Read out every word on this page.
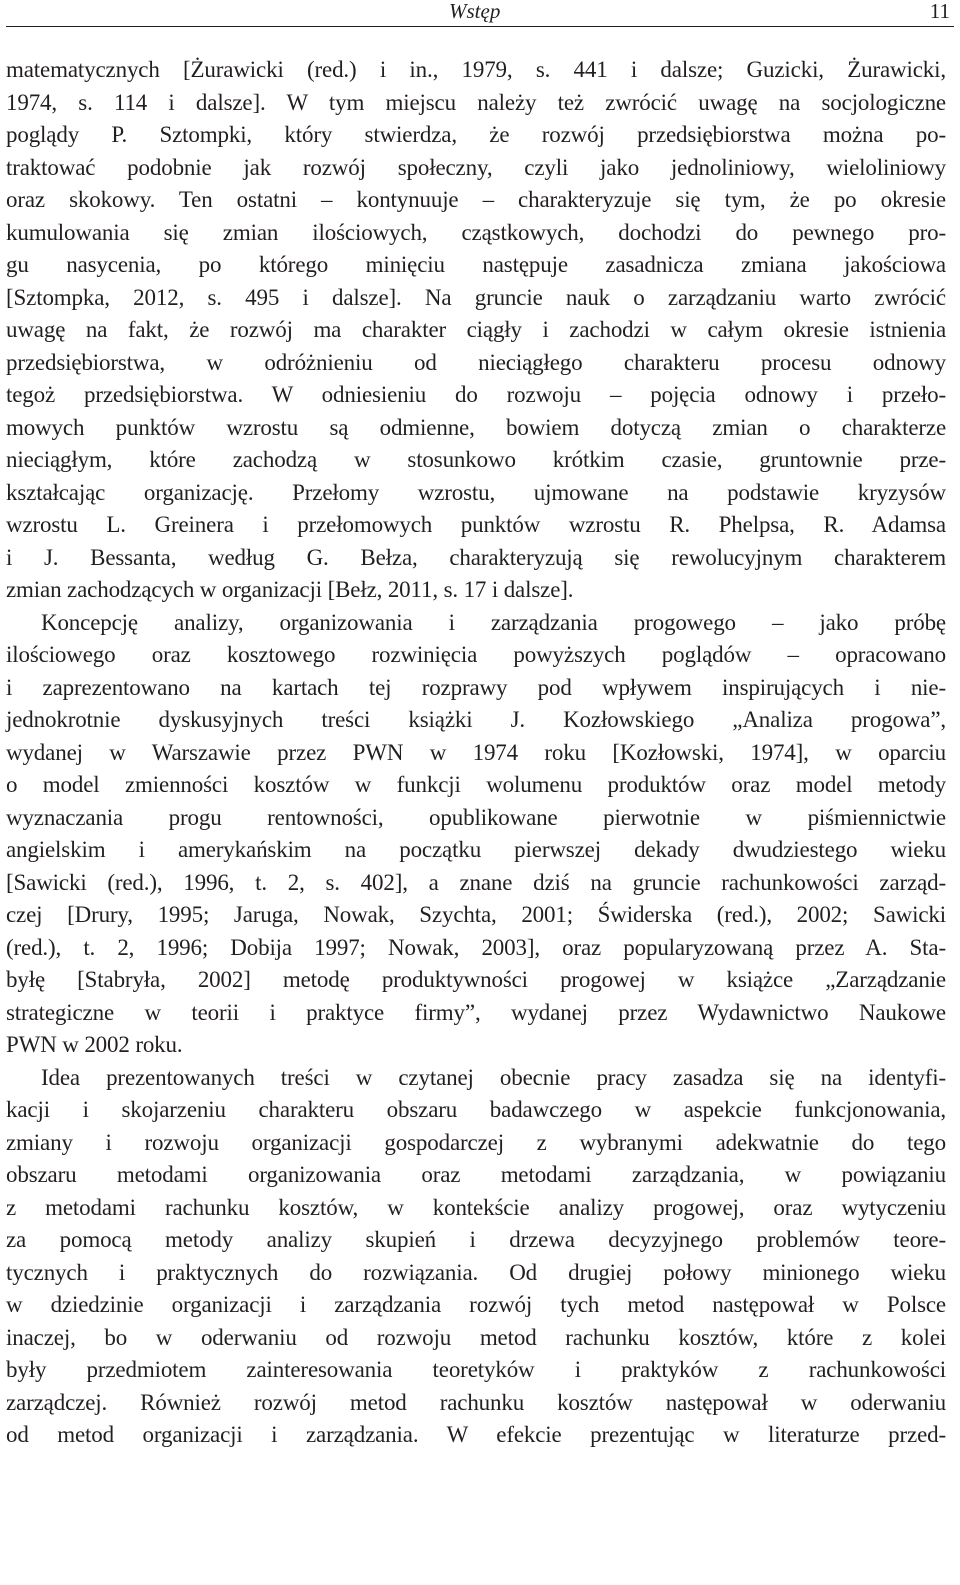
Wstęp	11
matematycznych [Żurawicki (red.) i in., 1979, s. 441 i dalsze; Guzicki, Żurawicki,
1974, s. 114 i dalsze]. W tym miejscu należy też zwrócić uwagę na socjologiczne
poglądy P. Sztompki, który stwierdza, że rozwój przedsiębiorstwa można po-
traktować podobnie jak rozwój społeczny, czyli jako jednoliniowy, wieloliniowy
oraz skokowy. Ten ostatni – kontynuuje – charakteryzuje się tym, że po okresie
kumulowania się zmian ilościowych, cząstkowych, dochodzi do pewnego pro-
gu nasycenia, po którego minięciu następuje zasadnicza zmiana jakościowa
[Sztompka, 2012, s. 495 i dalsze]. Na gruncie nauk o zarządzaniu warto zwrócić
uwagę na fakt, że rozwój ma charakter ciągły i zachodzi w całym okresie istnienia
przedsiębiorstwa, w odróżnieniu od nieciągłego charakteru procesu odnowy
tegoż przedsiębiorstwa. W odniesieniu do rozwoju – pojęcia odnowy i przeło-
mowych punktów wzrostu są odmienne, bowiem dotyczą zmian o charakterze
nieciągłym, które zachodzą w stosunkowo krótkim czasie, gruntownie prze-
kształcając organizację. Przełomy wzrostu, ujmowane na podstawie kryzysów
wzrostu L. Greinera i przełomowych punktów wzrostu R. Phelpsa, R. Adamsa
i J. Bessanta, według G. Bełza, charakteryzują się rewolucyjnym charakterem
zmian zachodzących w organizacji [Bełz, 2011, s. 17 i dalsze].
Koncepcję analizy, organizowania i zarządzania progowego – jako próbę
ilościowego oraz kosztowego rozwinięcia powyższych poglądów – opracowano
i zaprezentowano na kartach tej rozprawy pod wpływem inspirujących i nie-
jednokrotnie dyskusyjnych treści książki J. Kozłowskiego „Analiza progowa”,
wydanej w Warszawie przez PWN w 1974 roku [Kozłowski, 1974], w oparciu
o model zmienności kosztów w funkcji wolumenu produktów oraz model metody
wyznaczania progu rentowności, opublikowane pierwotnie w piśmiennictwie
angielskim i amerykańskim na początku pierwszej dekady dwudziestego wieku
[Sawicki (red.), 1996, t. 2, s. 402], a znane dziś na gruncie rachunkowości zarząd-
czej [Drury, 1995; Jaruga, Nowak, Szychta, 2001; Świderska (red.), 2002; Sawicki
(red.), t. 2, 1996; Dobija 1997; Nowak, 2003], oraz popularyzowaną przez A. Sta-
byłę [Stabryła, 2002] metodę produktywności progowej w książce „Zarządzanie
strategiczne w teorii i praktyce firmy”, wydanej przez Wydawnictwo Naukowe
PWN w 2002 roku.
Idea prezentowanych treści w czytanej obecnie pracy zasadza się na identyfi-
kacji i skojarzeniu charakteru obszaru badawczego w aspekcie funkcjonowania,
zmiany i rozwoju organizacji gospodarczej z wybranymi adekwatnie do tego
obszaru metodami organizowania oraz metodami zarządzania, w powiązaniu
z metodami rachunku kosztów, w kontekście analizy progowej, oraz wytyczeniu
za pomocą metody analizy skupień i drzewa decyzyjnego problemów teore-
tycznych i praktycznych do rozwiązania. Od drugiej połowy minionego wieku
w dziedzinie organizacji i zarządzania rozwój tych metod następował w Polsce
inaczej, bo w oderwaniu od rozwoju metod rachunku kosztów, które z kolei
były przedmiotem zainteresowania teoretyków i praktyków z rachunkowości
zarządczej. Również rozwój metod rachunku kosztów następował w oderwaniu
od metod organizacji i zarządzania. W efekcie prezentując w literaturze przed-
